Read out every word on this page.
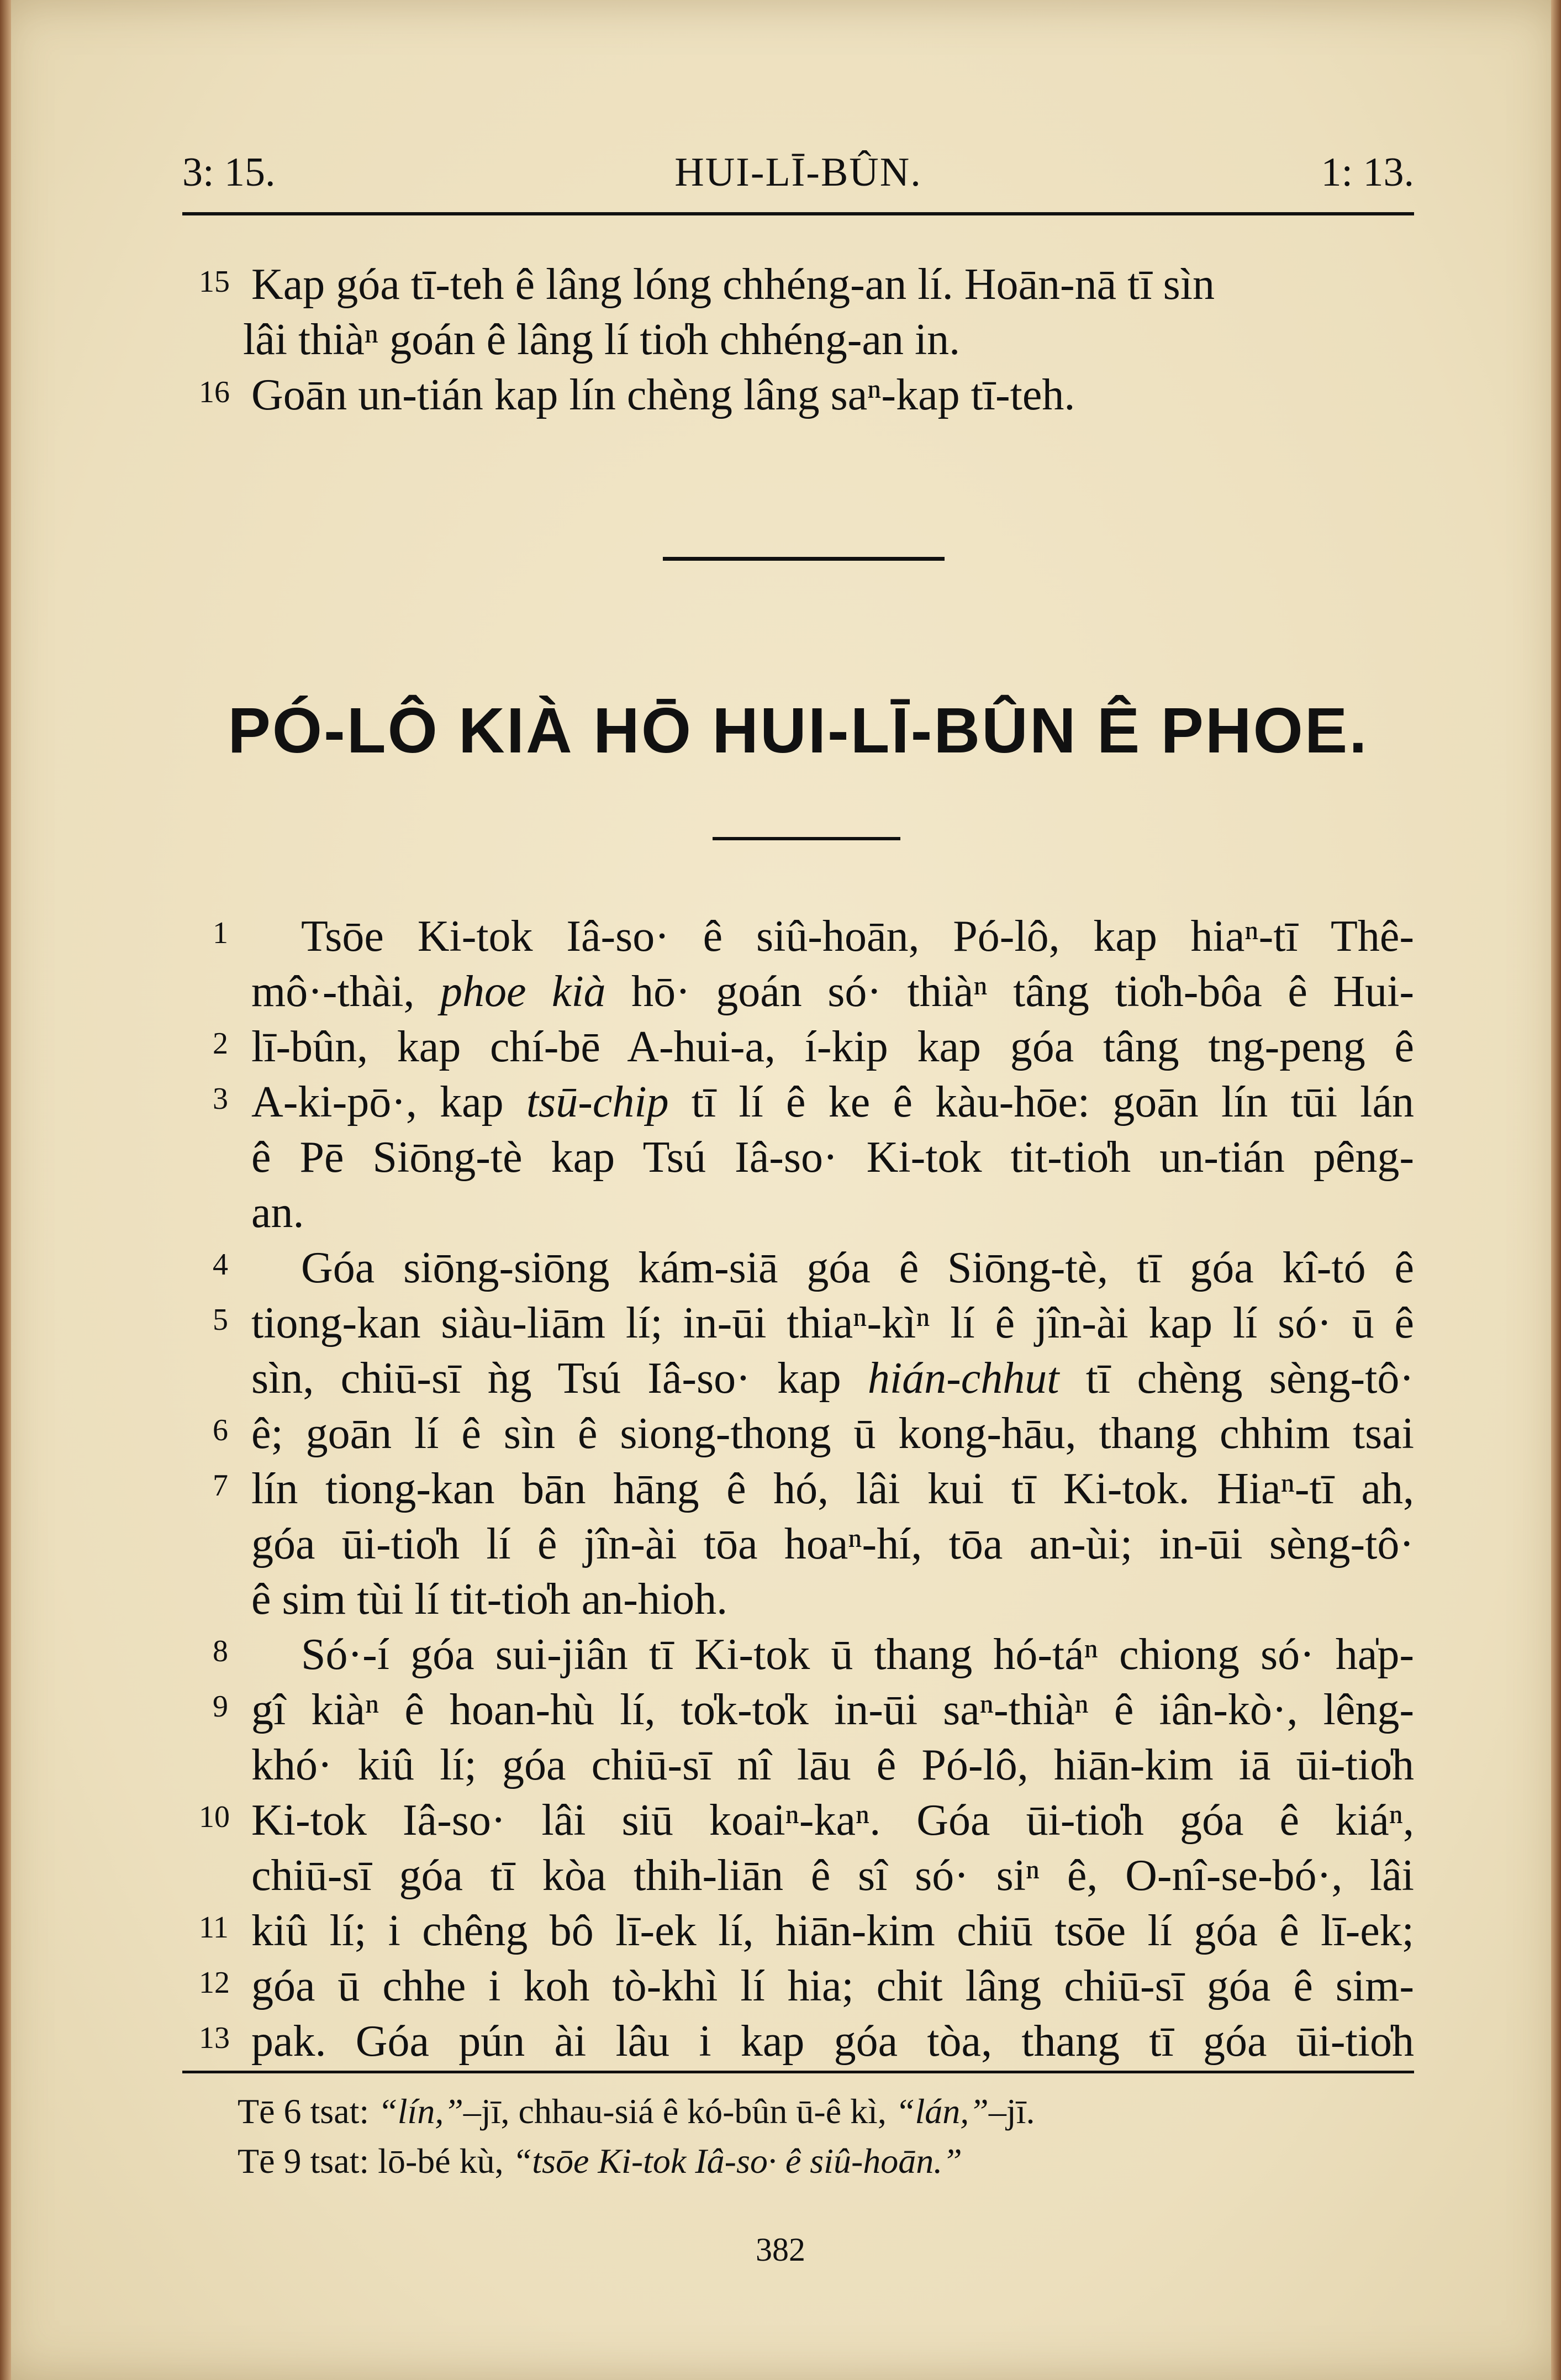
3: 15.	HUI-LĪ-BÛN.	1: 13.
15 Kap góa tī-teh ê lâng lóng chhéng-an lí. Hoān-nā tī sìn
lâi thiàⁿ goán ê lâng lí tio̍h chhéng-an in.
16 Goān un-tián kap lín chèng lâng saⁿ-kap tī-teh.
PÓ-LÔ KIÀ HŌ HUI-LĪ-BÛN Ê PHOE.
1 Tsōe Ki-tok Iâ-so· ê siû-hoān, Pó-lô, kap hiaⁿ-tī Thê-
mô·-thài, phoe kià hō· goán só· thiàⁿ tâng tio̍h-bôa ê Hui-
2 lī-bûn, kap chí-bē A-hui-a, í-kip kap góa tâng tng-peng ê
3 A-ki-pō·, kap tsū-chip tī lí ê ke ê kàu-hōe: goān lín tūi lán
ê Pē Siōng-tè kap Tsú Iâ-so· Ki-tok tit-tio̍h un-tián pêng-
an.
4 Góa siōng-siōng kám-siā góa ê Siōng-tè, tī góa kî-tó ê
5 tiong-kan siàu-liām lí; in-ūi thiaⁿ-kìⁿ lí ê jîn-ài kap lí só· ū ê
sìn, chiū-sī ǹg Tsú Iâ-so· kap hián-chhut tī chèng sèng-tô·
6 ê; goān lí ê sìn ê siong-thong ū kong-hāu, thang chhim tsai
7 lín tiong-kan bān hāng ê hó, lâi kui tī Ki-tok. Hiaⁿ-tī ah,
góa ūi-tio̍h lí ê jîn-ài tōa hoaⁿ-hí, tōa an-ùi; in-ūi sèng-tô·
ê sim tùi lí tit-tio̍h an-hioh.
8 Só·-í góa sui-jiân tī Ki-tok ū thang hó-táⁿ chiong só· ha̍p-
9 gî kiàⁿ ê hoan-hù lí, to̍k-to̍k in-ūi saⁿ-thiàⁿ ê iân-kò·, lêng-
khó· kiû lí; góa chiū-sī nî lāu ê Pó-lô, hiān-kim iā ūi-tio̍h
10 Ki-tok Iâ-so· lâi siū koaiⁿ-kaⁿ. Góa ūi-tio̍h góa ê kiáⁿ,
chiū-sī góa tī kòa thih-liān ê sî só· siⁿ ê, O-nî-se-bó·, lâi
11 kiû lí; i chêng bô lī-ek lí, hiān-kim chiū tsōe lí góa ê lī-ek;
12 góa ū chhe i koh tò-khì lí hia; chit lâng chiū-sī góa ê sim-
13 pak. Góa pún ài lâu i kap góa tòa, thang tī góa ūi-tio̍h
Tē 6 tsat: “lín,”–jī, chhau-siá ê kó-bûn ū-ê kì, “lán,”–jī.
Tē 9 tsat: lō-bé kù, “tsōe Ki-tok Iâ-so· ê siû-hoān.”
382
